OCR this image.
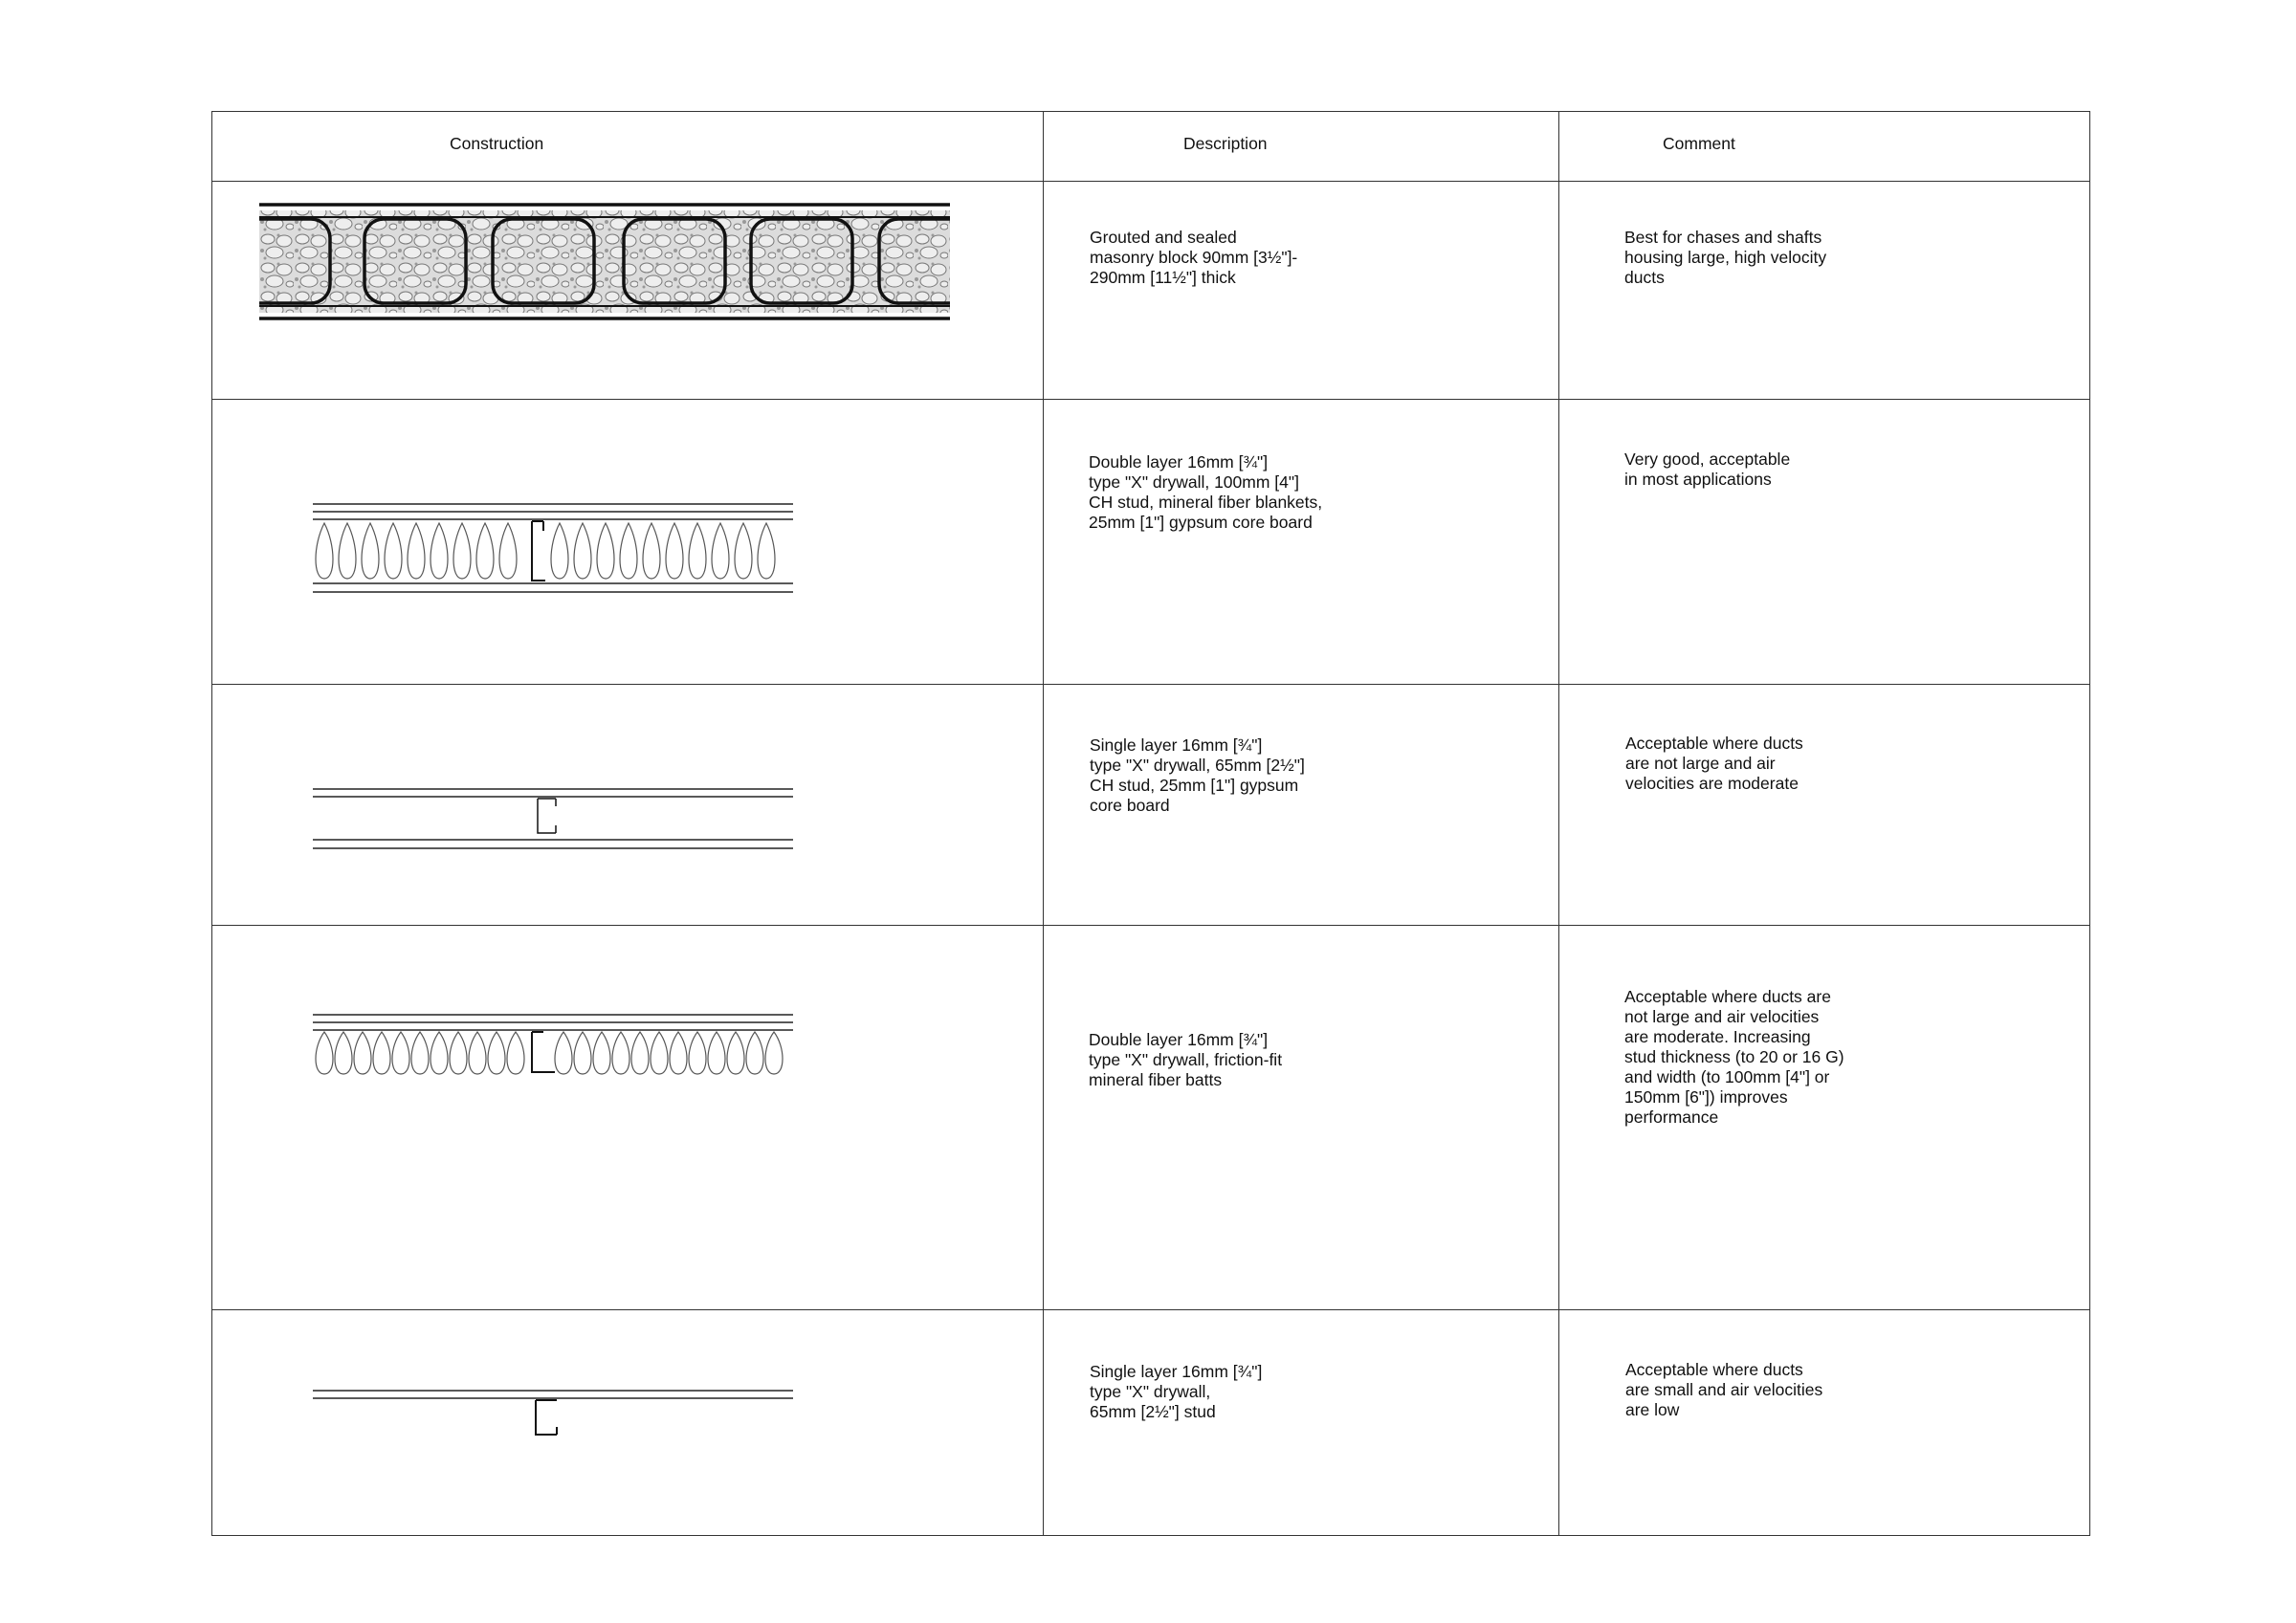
Construction	Description	Comment
Grouted and sealed
masonry block 90mm [3½"]-
290mm [11½"] thick
Best for chases and shafts
housing large, high velocity
ducts
Double layer 16mm [¾"]
type "X" drywall, 100mm [4"]
CH stud, mineral fiber blankets,
25mm [1"] gypsum core board
Very good, acceptable
in most applications
Single layer 16mm [¾"]
type "X" drywall, 65mm [2½"]
CH stud, 25mm [1"] gypsum
core board
Acceptable where ducts
are not large and air
velocities are moderate
Double layer 16mm [¾"]
type "X" drywall, friction-fit
mineral fiber batts
Acceptable where ducts are
not large and air velocities
are moderate. Increasing
stud thickness (to 20 or 16 G)
and width (to 100mm [4"] or
150mm [6"]) improves
performance
Single layer 16mm [¾"]
type "X" drywall,
65mm [2½"] stud
Acceptable where ducts
are small and air velocities
are low
